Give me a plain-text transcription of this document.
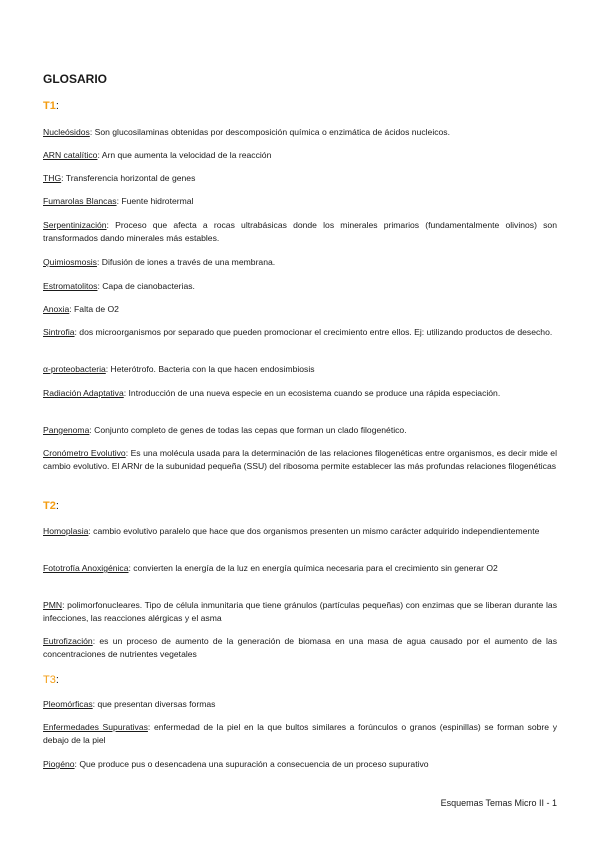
GLOSARIO
T1:
Nucleósidos: Son glucosilaminas obtenidas por descomposición química o enzimática de ácidos nucleicos.
ARN catalítico: Arn que aumenta la velocidad de la reacción
THG: Transferencia horizontal de genes
Fumarolas Blancas: Fuente hidrotermal
Serpentinización: Proceso que afecta a rocas ultrabásicas donde los minerales primarios (fundamentalmente olivinos) son transformados dando minerales más estables.
Quimiosmosis: Difusión de iones a través de una membrana.
Estromatolitos: Capa de cianobacterias.
Anoxia: Falta de O2
Sintrofia: dos microorganismos por separado que pueden promocionar el crecimiento entre ellos. Ej: utilizando productos de desecho.
α-proteobacteria: Heterótrofo. Bacteria con la que hacen endosimbiosis
Radiación Adaptativa: Introducción de una nueva especie en un ecosistema cuando se produce una rápida especiación.
Pangenoma: Conjunto completo de genes de todas las cepas que forman un clado filogenético.
Cronómetro Evolutivo: Es una molécula usada para la determinación de las relaciones filogenéticas entre organismos, es decir mide el cambio evolutivo. El ARNr de la subunidad pequeña (SSU) del ribosoma permite establecer las más profundas relaciones filogenéticas
T2:
Homoplasia: cambio evolutivo paralelo que hace que dos organismos presenten un mismo carácter adquirido independientemente
Fototrofía Anoxigénica: convierten la energía de la luz en energía química necesaria para el crecimiento sin generar O2
PMN: polimorfonucleares. Tipo de célula inmunitaria que tiene gránulos (partículas pequeñas) con enzimas que se liberan durante las infecciones, las reacciones alérgicas y el asma
Eutrofización: es un proceso de aumento de la generación de biomasa en una masa de agua causado por el aumento de las concentraciones de nutrientes vegetales
T3:
Pleomórficas: que presentan diversas formas
Enfermedades Supurativas: enfermedad de la piel en la que bultos similares a forúnculos o granos (espinillas) se forman sobre y debajo de la piel
Piogéno: Que produce pus o desencadena una supuración a consecuencia de un proceso supurativo
Esquemas Temas Micro II - 1
